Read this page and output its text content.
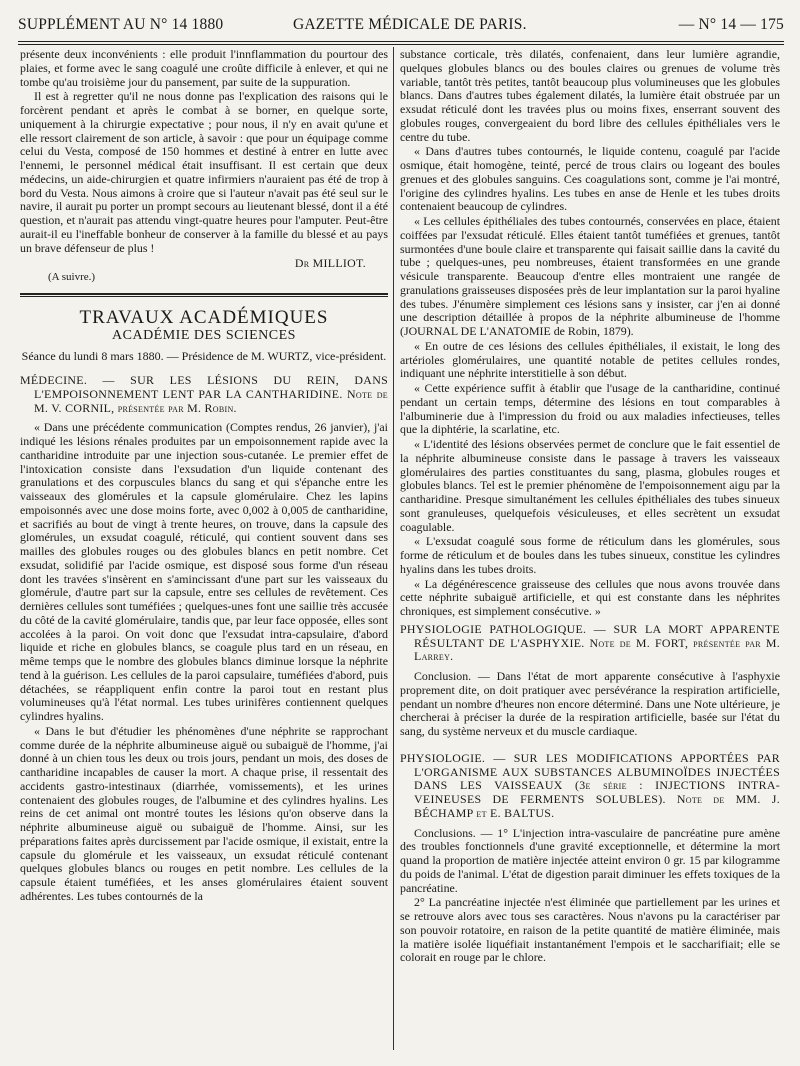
SUPPLÉMENT AU N° 14 1880	GAZETTE MÉDICALE DE PARIS.	— N° 14 — 175

présente deux inconvénients : elle produit l'innflammation du pourtour des plaies, et forme avec le sang coagulé une croûte difficile à enlever, et qui ne tombe qu'au troisième jour du pansement, par suite de la suppuration.

Il est à regretter qu'il ne nous donne pas l'explication des raisons qui le forcèrent pendant et après le combat à se borner, en quelque sorte, uniquement à la chirurgie expectative ; pour nous, il n'y en avait qu'une et elle ressort clairement de son article, à savoir : que pour un équipage comme celui du Vesta, composé de 150 hommes et destiné à entrer en lutte avec l'ennemi, le personnel médical était insuffisant. Il est certain que deux médecins, un aide-chirurgien et quatre infirmiers n'auraient pas été de trop à bord du Vesta. Nous aimons à croire que si l'auteur n'avait pas été seul sur le navire, il aurait pu porter un prompt secours au lieutenant blessé, dont il a été question, et n'aurait pas attendu vingt-quatre heures pour l'amputer. Peut-être aurait-il eu l'ineffable bonheur de conserver à la famille du blessé et au pays un brave défenseur de plus !

Dr MILLIOT.
(A suivre.)
TRAVAUX ACADÉMIQUES
ACADÉMIE DES SCIENCES
Séance du lundi 8 mars 1880. — Présidence de M. WURTZ, vice-président.

MÉDECINE. — SUR LES LÉSIONS DU REIN, DANS L'EMPOISONNEMENT LENT PAR LA CANTHARIDINE. Note de M. V. CORNIL, présentée par M. Robin.

« Dans une précédente communication (Comptes rendus, 26 janvier), j'ai indiqué les lésions rénales produites par un empoisonnement rapide avec la cantharidine introduite par une injection sous-cutanée. Le premier effet de l'intoxication consiste dans l'exsudation d'un liquide contenant des granulations et des corpuscules blancs du sang et qui s'épanche entre les vaisseaux des glomérules et la capsule glomérulaire. Chez les lapins empoisonnés avec une dose moins forte, avec 0,002 à 0,005 de cantharidine, et sacrifiés au bout de vingt à trente heures, on trouve, dans la capsule des glomérules, un exsudat coagulé, réticulé, qui contient souvent dans ses mailles des globules rouges ou des globules blancs en petit nombre. Cet exsudat, solidifié par l'acide osmique, est disposé sous forme d'un réseau dont les travées s'insèrent en s'amincissant d'une part sur les vaisseaux du glomérule, d'autre part sur la capsule, entre ses cellules de revêtement. Ces dernières cellules sont tuméfiées ; quelques-unes font une saillie très accusée du côté de la cavité glomérulaire, tandis que, par leur face opposée, elles sont accolées à la paroi. On voit donc que l'exsudat intra-capsulaire, d'abord liquide et riche en globules blancs, se coagule plus tard en un réseau, en même temps que le nombre des globules blancs diminue lorsque la néphrite tend à la guérison. Les cellules de la paroi capsulaire, tuméfiées d'abord, puis détachées, se réappliquent enfin contre la paroi tout en restant plus volumineuses qu'à l'état normal. Les tubes urinifères contiennent quelques cylindres hyalins.

« Dans le but d'étudier les phénomènes d'une néphrite se rapprochant comme durée de la néphrite albumineuse aiguë ou subaiguë de l'homme, j'ai donné à un chien tous les deux ou trois jours, pendant un mois, des doses de cantharidine incapables de causer la mort. A chaque prise, il ressentait des accidents gastro-intestinaux (diarrhée, vomissements), et les urines contenaient des globules rouges, de l'albumine et des cylindres hyalins. Les reins de cet animal ont montré toutes les lésions qu'on observe dans la néphrite albumineuse aiguë ou subaiguë de l'homme. Ainsi, sur les préparations faites après durcissement par l'acide osmique, il existait, entre la capsule du glomérule et les vaisseaux, un exsudat réticulé contenant quelques globules blancs ou rouges en petit nombre. Les cellules de la capsule étaient tuméfiées, et les anses glomérulaires étaient souvent adhérentes. Les tubes contournés de la

substance corticale, très dilatés, confenaient, dans leur lumière agrandie, quelques globules blancs ou des boules claires ou grenues de volume très variable, tantôt très petites, tantôt beaucoup plus volumineuses que les globules blancs. Dans d'autres tubes également dilatés, la lumière était obstruée par un exsudat réticulé dont les travées plus ou moins fixes, enserrant souvent des globules rouges, convergeaient du bord libre des cellules épithéliales vers le centre du tube.

« Dans d'autres tubes contournés, le liquide contenu, coagulé par l'acide osmique, était homogène, teinté, percé de trous clairs ou logeant des boules grenues et des globules sanguins. Ces coagulations sont, comme je l'ai montré, l'origine des cylindres hyalins. Les tubes en anse de Henle et les tubes droits contenaient beaucoup de cylindres.

« Les cellules épithéliales des tubes contournés, conservées en place, étaient coiffées par l'exsudat réticulé. Elles étaient tantôt tuméfiées et grenues, tantôt surmontées d'une boule claire et transparente qui faisait saillie dans la cavité du tube ; quelques-unes, peu nombreuses, étaient transformées en une grande vésicule transparente. Beaucoup d'entre elles montraient une rangée de granulations graisseuses disposées près de leur implantation sur la paroi hyaline des tubes. J'énumère simplement ces lésions sans y insister, car j'en ai donné une description détaillée à propos de la néphrite albumineuse de l'homme (JOURNAL DE L'ANATOMIE de Robin, 1879).

« En outre de ces lésions des cellules épithéliales, il existait, le long des artérioles glomérulaires, une quantité notable de petites cellules rondes, indiquant une néphrite interstitielle à son début.

« Cette expérience suffit à établir que l'usage de la cantharidine, continué pendant un certain temps, détermine des lésions en tout comparables à l'albuminerie due à l'impression du froid ou aux maladies infectieuses, telles que la diphtérie, la scarlatine, etc.

« L'identité des lésions observées permet de conclure que le fait essentiel de la néphrite albumineuse consiste dans le passage à travers les vaisseaux glomérulaires des parties constituantes du sang, plasma, globules rouges et globules blancs. Tel est le premier phénomène de l'empoisonnement aigu par la cantharidine. Presque simultanément les cellules épithéliales des tubes sinueux sont granuleuses, quelquefois vésiculeuses, et elles secrètent un exsudat coagulable.

« L'exsudat coagulé sous forme de réticulum dans les glomérules, sous forme de réticulum et de boules dans les tubes sinueux, constitue les cylindres hyalins dans les tubes droits.

« La dégénérescence graisseuse des cellules que nous avons trouvée dans cette néphrite subaiguë artificielle, et qui est constante dans les néphrites chroniques, est simplement consécutive. »

PHYSIOLOGIE PATHOLOGIQUE. — SUR LA MORT APPARENTE RÉSULTANT DE L'ASPHYXIE. Note de M. FORT, présentée par M. Larrey.

Conclusion. — Dans l'état de mort apparente consécutive à l'asphyxie proprement dite, on doit pratiquer avec persévérance la respiration artificielle, pendant un nombre d'heures non encore déterminé. Dans une Note ultérieure, je chercherai à préciser la durée de la respiration artificielle, basée sur l'état du sang, du système nerveux et du muscle cardiaque.

PHYSIOLOGIE. — SUR LES MODIFICATIONS APPORTÉES PAR L'ORGANISME AUX SUBSTANCES ALBUMINOÏDES INJECTÉES DANS LES VAISSEAUX (3e série : INJECTIONS INTRA-VEINEUSES DE FERMENTS SOLUBLES). Note de MM. J. BÉCHAMP et E. BALTUS.

Conclusions. — 1° L'injection intra-vasculaire de pancréatine pure amène des troubles fonctionnels d'une gravité exceptionnelle, et détermine la mort quand la proportion de matière injectée atteint environ 0 gr. 15 par kilogramme du poids de l'animal. L'état de digestion parait diminuer les effets toxiques de la pancréatine.

2° La pancréatine injectée n'est éliminée que partiellement par les urines et se retrouve alors avec tous ses caractères. Nous n'avons pu la caractériser par son pouvoir rotatoire, en raison de la petite quantité de matière éliminée, mais la matière isolée liquéfiait instantanément l'empois et le saccharifiait; elle se colorait en rouge par le chlore.
